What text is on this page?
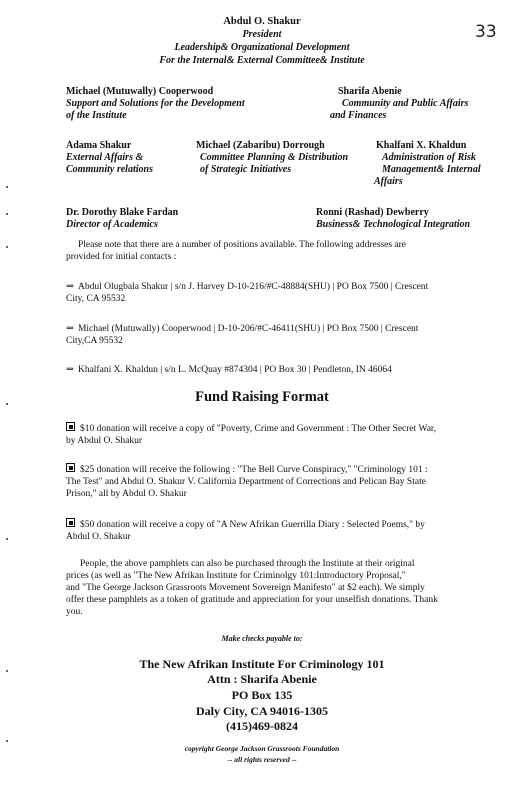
33
Abdul O. Shakur
President
Leadership& Organizational Development
For the Internal& External Committee& Institute
Michael (Mutuwally) Cooperwood
Support and Solutions for the Development
of the Institute
Sharifa Abenie
Community and Public Affairs
and Finances
Adama Shakur
External Affairs &
Community relations
Michael (Zabaribu) Dorrough
Committee Planning & Distribution
of Strategic Initiatives
Khalfani X. Khaldun
Administration of Risk
Management& Internal
Affairs
Dr. Dorothy Blake Fardan
Director of Academics
Ronni (Rashad) Dewberry
Business& Technological Integration
Please note that there are a number of positions available. The following addresses are
provided for initial contacts :
⇒ Abdul Olugbala Shakur | s/n J. Harvey D-10-216/#C-48884(SHU) | PO Box 7500 | Crescent
City, CA 95532
⇒ Michael (Mutuwally) Cooperwood | D-10-206/#C-46411(SHU) | PO Box 7500 | Crescent
City,CA 95532
⇒ Khalfani X. Khaldun | s/n L. McQuay #874304 | PO Box 30 | Pendleton, IN 46064
Fund Raising Format
$10 donation will receive a copy of "Poverty, Crime and Government : The Other Secret War,
by Abdul O. Shakur
$25 donation will receive the following : "The Bell Curve Conspiracy," "Criminology 101 :
The Test" and Abdul O. Shakur V. California Department of Corrections and Pelican Bay State
Prison," all by Abdul O. Shakur
$50 donation will receive a copy of "A New Afrikan Guerrilla Diary : Selected Poems," by
Abdul O. Shakur
People, the above pamphlets can also be purchased through the Institute at their original
prices (as well as "The New Afrikan Institute for Criminolgy 101:Introductory Proposal,"
and "The George Jackson Grassroots Movement Sovereign Manifesto" at $2 each). We simply
offer these pamphlets as a token of gratitude and appreciation for your unselfish donations. Thank
you.
Make checks payable to:
The New Afrikan Institute For Criminology 101
Attn : Sharifa Abenie
PO Box 135
Daly City, CA 94016-1305
(415)469-0824
copyright George Jackson Grassroots Foundation
-- all rights reserved --
